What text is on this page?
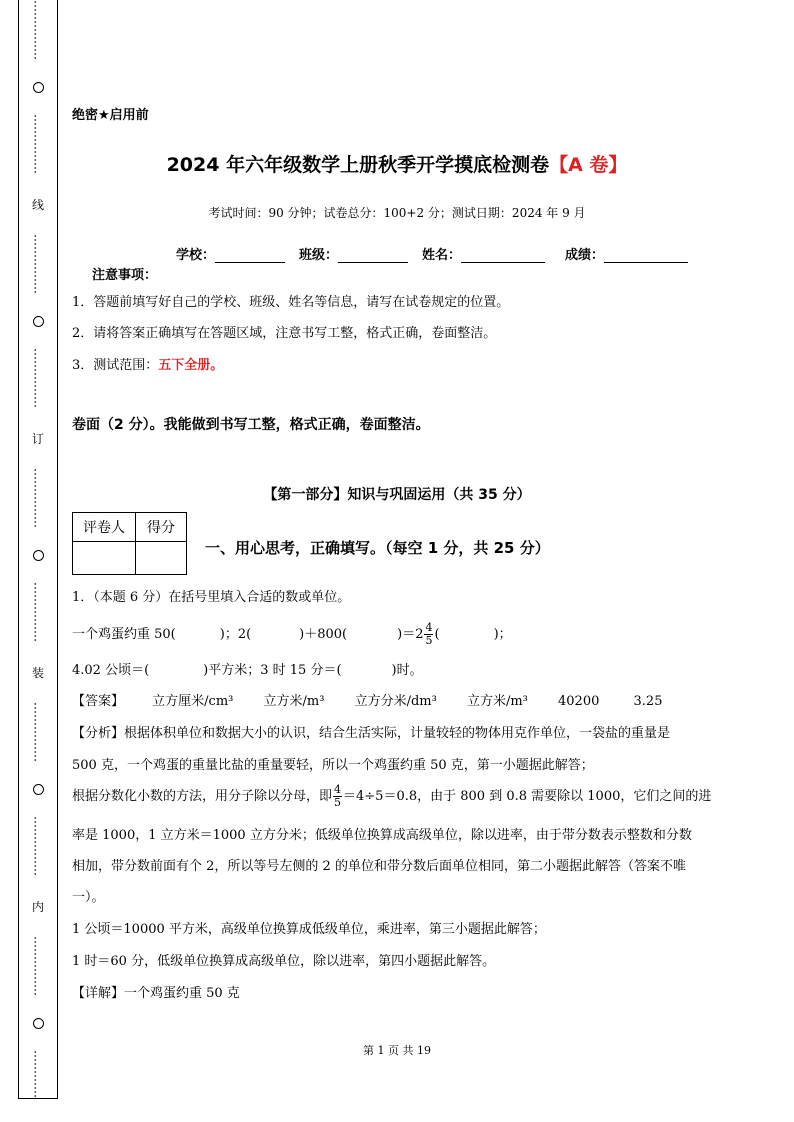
……………
……………
线
……………
……………
订
……………
……………
装
……………
……………
内
……………
…………
绝密★启用前
2024 年六年级数学上册秋季开学摸底检测卷【A 卷】
考试时间：90 分钟；试卷总分：100+2 分；测试日期：2024 年 9 月
学校：	班级：	姓名：	成绩：
注意事项：
1．答题前填写好自己的学校、班级、姓名等信息，请写在试卷规定的位置。
2．请将答案正确填写在答题区域，注意书写工整，格式正确，卷面整洁。
3．测试范围：五下全册。
卷面（2 分）。我能做到书写工整，格式正确，卷面整洁。
【第一部分】知识与巩固运用（共 35 分）
评卷人	得分

一、用心思考，正确填写。（每空 1 分，共 25 分）
1．（本题 6 分）在括号里填入合适的数或单位。
一个鸡蛋约重 50(	)；2(	)＋800(	)$=2 \frac{4}{5}$ (	)；
4.02 公顷＝(	)平方米；3 时 15 分＝(	)时。
【答案】 立方厘米/cm³ 立方米/m³ 立方分米/dm³ 立方米/m³ 40200	3.25
【分析】根据体积单位和数据大小的认识，结合生活实际，计量较轻的物体用克作单位，一袋盐的重量是
500 克，一个鸡蛋的重量比盐的重量要轻，所以一个鸡蛋约重 50 克，第一小题据此解答；
根据分数化小数的方法，用分子除以分母，即 $\frac{4}{5} =4\div 5=0.8$，由于 800 到 0.8 需要除以 1000，它们之间的进
率是 1000，1 立方米＝1000 立方分米；低级单位换算成高级单位，除以进率，由于带分数表示整数和分数
相加，带分数前面有个 2，所以等号左侧的 2 的单位和带分数后面单位相同，第二小题据此解答（答案不唯
一）。
1 公顷＝10000 平方米，高级单位换算成低级单位，乘进率，第三小题据此解答；
1 时＝60 分，低级单位换算成高级单位，除以进率，第四小题据此解答。
【详解】一个鸡蛋约重 50 克
第 1 页 共 19
